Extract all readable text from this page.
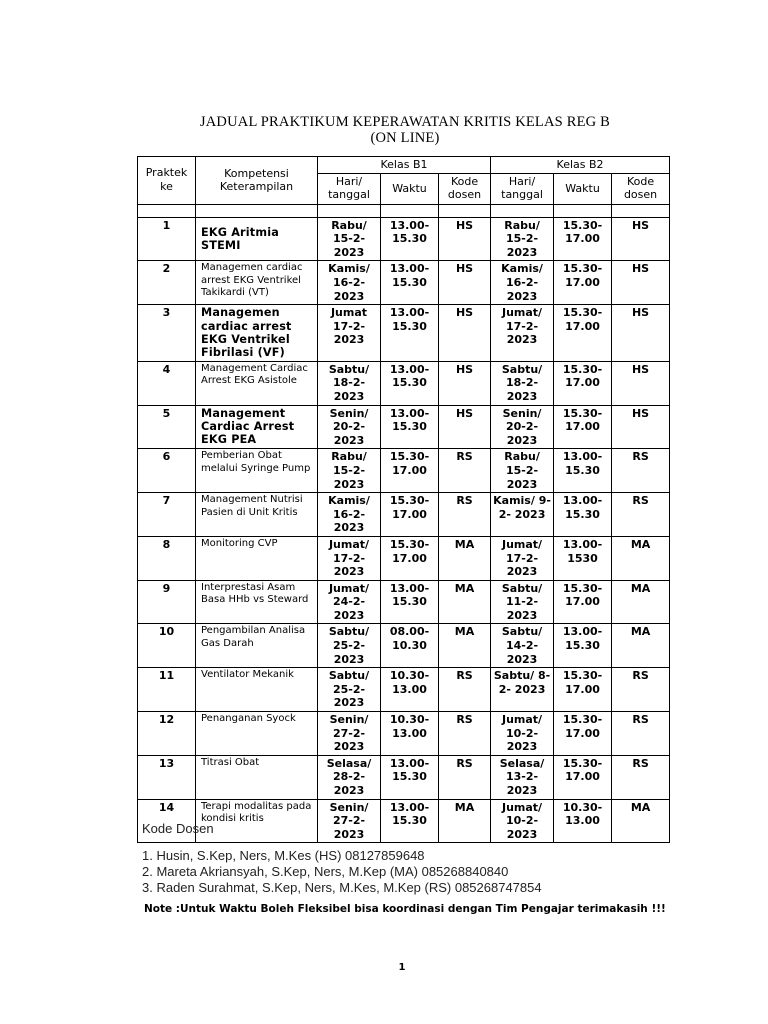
JADUAL PRAKTIKUM KEPERAWATAN KRITIS KELAS REG B
(ON LINE)
Praktek ke	Kompetensi Keterampilan	Kelas B1			Kelas B2		
		Hari/ tanggal	Waktu	Kode dosen	Hari/ tanggal	Waktu	Kode dosen

1	EKG Aritmia STEMI	Rabu/ 15-2- 2023	13.00- 15.30	HS	Rabu/ 15-2- 2023	15.30- 17.00	HS
2	Managemen cardiac arrest EKG Ventrikel Takikardi (VT)	Kamis/ 16-2- 2023	13.00- 15.30	HS	Kamis/ 16-2- 2023	15.30- 17.00	HS
3	Managemen cardiac arrest EKG Ventrikel Fibrilasi (VF)	Jumat 17-2- 2023	13.00- 15.30	HS	Jumat/ 17-2- 2023	15.30- 17.00	HS
4	Management Cardiac Arrest EKG Asistole	Sabtu/ 18-2- 2023	13.00- 15.30	HS	Sabtu/ 18-2- 2023	15.30- 17.00	HS
5	Management Cardiac Arrest EKG PEA	Senin/ 20-2- 2023	13.00- 15.30	HS	Senin/ 20-2- 2023	15.30- 17.00	HS
6	Pemberian Obat melalui Syringe Pump	Rabu/ 15-2- 2023	15.30- 17.00	RS	Rabu/ 15-2- 2023	13.00- 15.30	RS
7	Management Nutrisi Pasien di Unit Kritis	Kamis/ 16-2- 2023	15.30- 17.00	RS	Kamis/ 9-2- 2023	13.00- 15.30	RS
8	Monitoring CVP	Jumat/ 17-2- 2023	15.30- 17.00	MA	Jumat/ 17-2- 2023	13.00- 1530	MA
9	Interprestasi Asam Basa HHb vs Steward	Jumat/ 24-2- 2023	13.00- 15.30	MA	Sabtu/ 11-2- 2023	15.30- 17.00	MA
10	Pengambilan Analisa Gas Darah	Sabtu/ 25-2- 2023	08.00- 10.30	MA	Sabtu/ 14-2- 2023	13.00- 15.30	MA
11	Ventilator Mekanik	Sabtu/ 25-2- 2023	10.30- 13.00	RS	Sabtu/ 8-2- 2023	15.30- 17.00	RS
12	Penanganan Syock	Senin/ 27-2- 2023	10.30- 13.00	RS	Jumat/ 10-2- 2023	15.30- 17.00	RS
13	Titrasi Obat	Selasa/ 28-2- 2023	13.00- 15.30	RS	Selasa/ 13-2- 2023	15.30- 17.00	RS
14	Terapi modalitas pada kondisi kritis	Senin/ 27-2- 2023	13.00- 15.30	MA	Jumat/ 10-2- 2023	10.30- 13.00	MA
Kode Dosen
1. Husin, S.Kep, Ners, M.Kes (HS) 08127859648
2. Mareta Akriansyah, S.Kep, Ners, M.Kep (MA) 085268840840
3. Raden Surahmat, S.Kep, Ners, M.Kes, M.Kep (RS) 085268747854
Note :Untuk Waktu Boleh Fleksibel bisa koordinasi dengan Tim Pengajar terimakasih !!!
1
